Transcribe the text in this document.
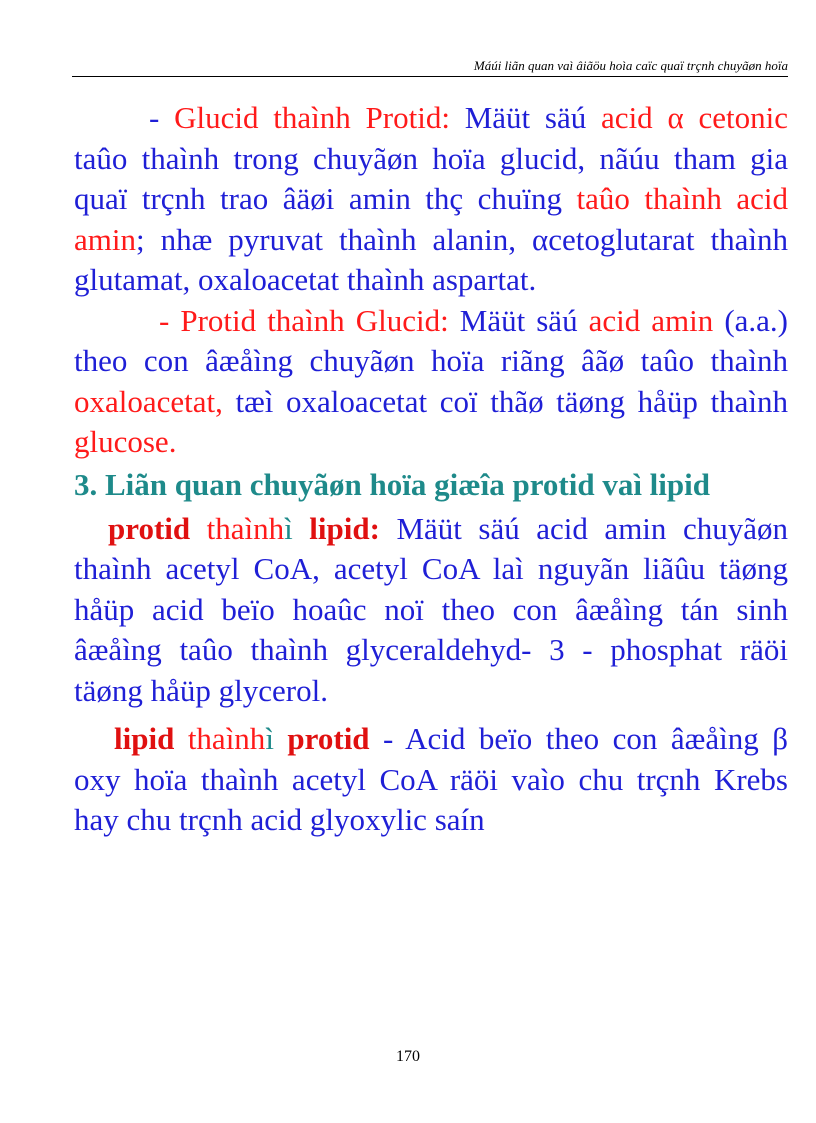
Máúi liãn quan vaì âiãöu hoìa caïc quaï trçnh chuyãøn hoïa

- Glucid thaình Protid: Mäüt säú acid α cetonic taûo thaình trong chuyãøn hoïa glucid, nãúu tham gia quaï trçnh trao âäøi amin thç chuïng taûo thaình acid amin; nhæ pyruvat thaình alanin, αcetoglutarat thaình glutamat, oxaloacetat thaình aspartat.

- Protid thaình Glucid: Mäüt säú acid amin (a.a.) theo con âæåìng chuyãøn hoïa riãng âãø taûo thaình oxaloacetat, tæì oxaloacetat coï thãø täøng håüp thaình glucose.

3. Liãn quan chuyãøn hoïa giæîa protid vaì lipid

protid thaìnhì lipid: Mäüt säú acid amin chuyãøn thaình acetyl CoA, acetyl CoA laì nguyãn liãûu täøng håüp acid beïo hoaûc noï theo con âæåìng tán sinh âæåìng taûo thaình glyceraldehyd- 3 - phosphat räöi täøng håüp glycerol.

lipid thaìnhì protid - Acid beïo theo con âæåìng β oxy hoïa thaình acetyl CoA räöi vaìo chu trçnh Krebs hay chu trçnh acid glyoxylic saín

170
